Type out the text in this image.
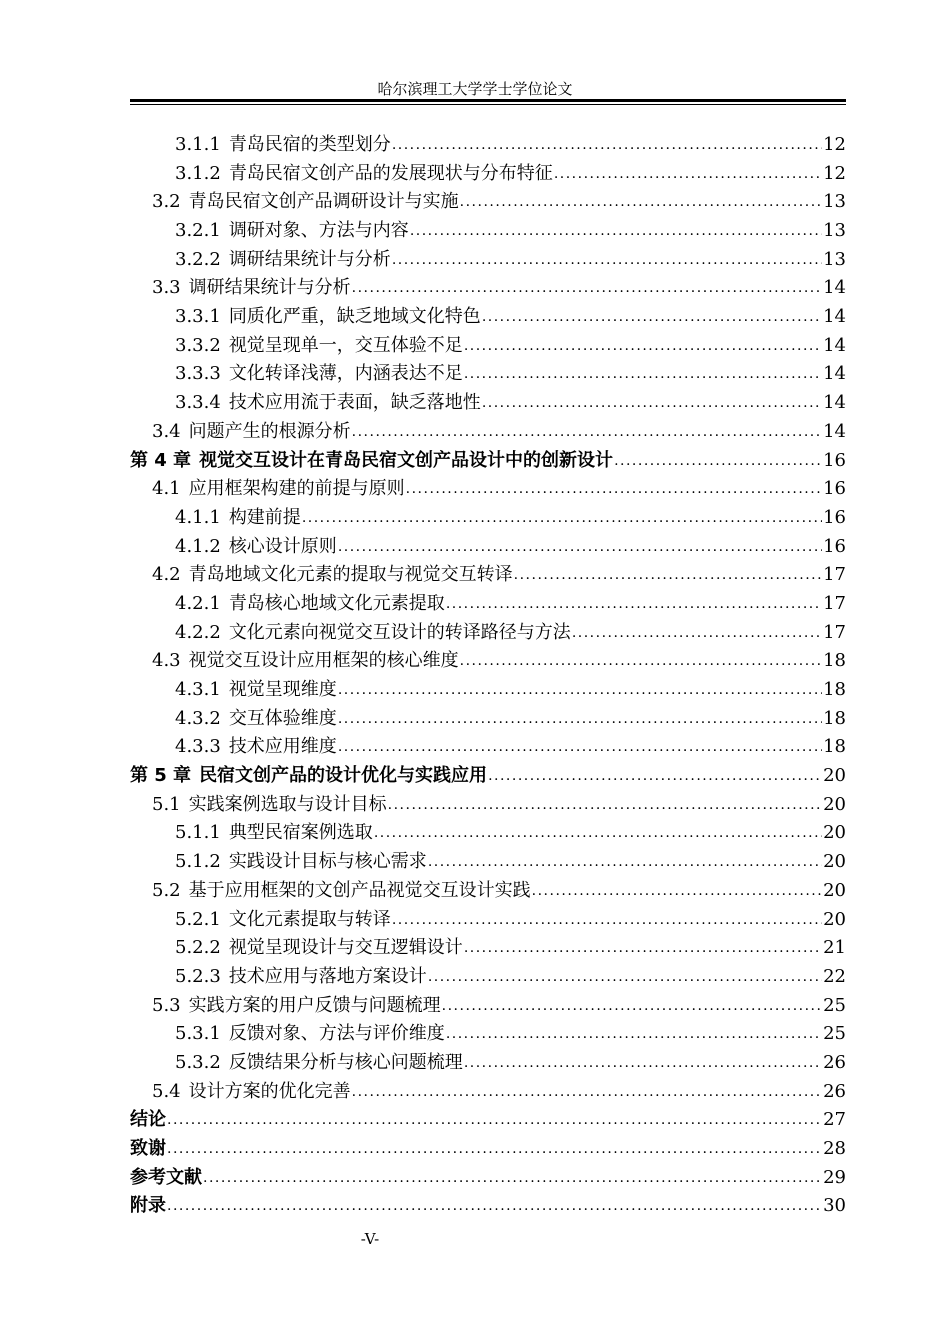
哈尔滨理工大学学士学位论文
3.1.1 青岛民宿的类型划分 .....	12
3.1.2 青岛民宿文创产品的发展现状与分布特征 .....	12
3.2 青岛民宿文创产品调研设计与实施 .....	13
3.2.1 调研对象、方法与内容 .....	13
3.2.2 调研结果统计与分析 .....	13
3.3 调研结果统计与分析 .....	14
3.3.1 同质化严重，缺乏地域文化特色 .....	14
3.3.2 视觉呈现单一，交互体验不足 .....	14
3.3.3 文化转译浅薄，内涵表达不足 .....	14
3.3.4 技术应用流于表面，缺乏落地性 .....	14
3.4 问题产生的根源分析 .....	14
第 4 章 视觉交互设计在青岛民宿文创产品设计中的创新设计 .....	16
4.1 应用框架构建的前提与原则 .....	16
4.1.1 构建前提 .....	16
4.1.2 核心设计原则 .....	16
4.2 青岛地域文化元素的提取与视觉交互转译 .....	17
4.2.1 青岛核心地域文化元素提取 .....	17
4.2.2 文化元素向视觉交互设计的转译路径与方法 .....	17
4.3 视觉交互设计应用框架的核心维度 .....	18
4.3.1 视觉呈现维度 .....	18
4.3.2 交互体验维度 .....	18
4.3.3 技术应用维度 .....	18
第 5 章 民宿文创产品的设计优化与实践应用 .....	20
5.1 实践案例选取与设计目标 .....	20
5.1.1 典型民宿案例选取 .....	20
5.1.2 实践设计目标与核心需求 .....	20
5.2 基于应用框架的文创产品视觉交互设计实践 .....	20
5.2.1 文化元素提取与转译 .....	20
5.2.2 视觉呈现设计与交互逻辑设计 .....	21
5.2.3 技术应用与落地方案设计 .....	22
5.3 实践方案的用户反馈与问题梳理 .....	25
5.3.1 反馈对象、方法与评价维度 .....	25
5.3.2 反馈结果分析与核心问题梳理 .....	26
5.4 设计方案的优化完善 .....	26
结论 .....	27
致谢 .....	28
参考文献 .....	29
附录 .....	30
-V-
